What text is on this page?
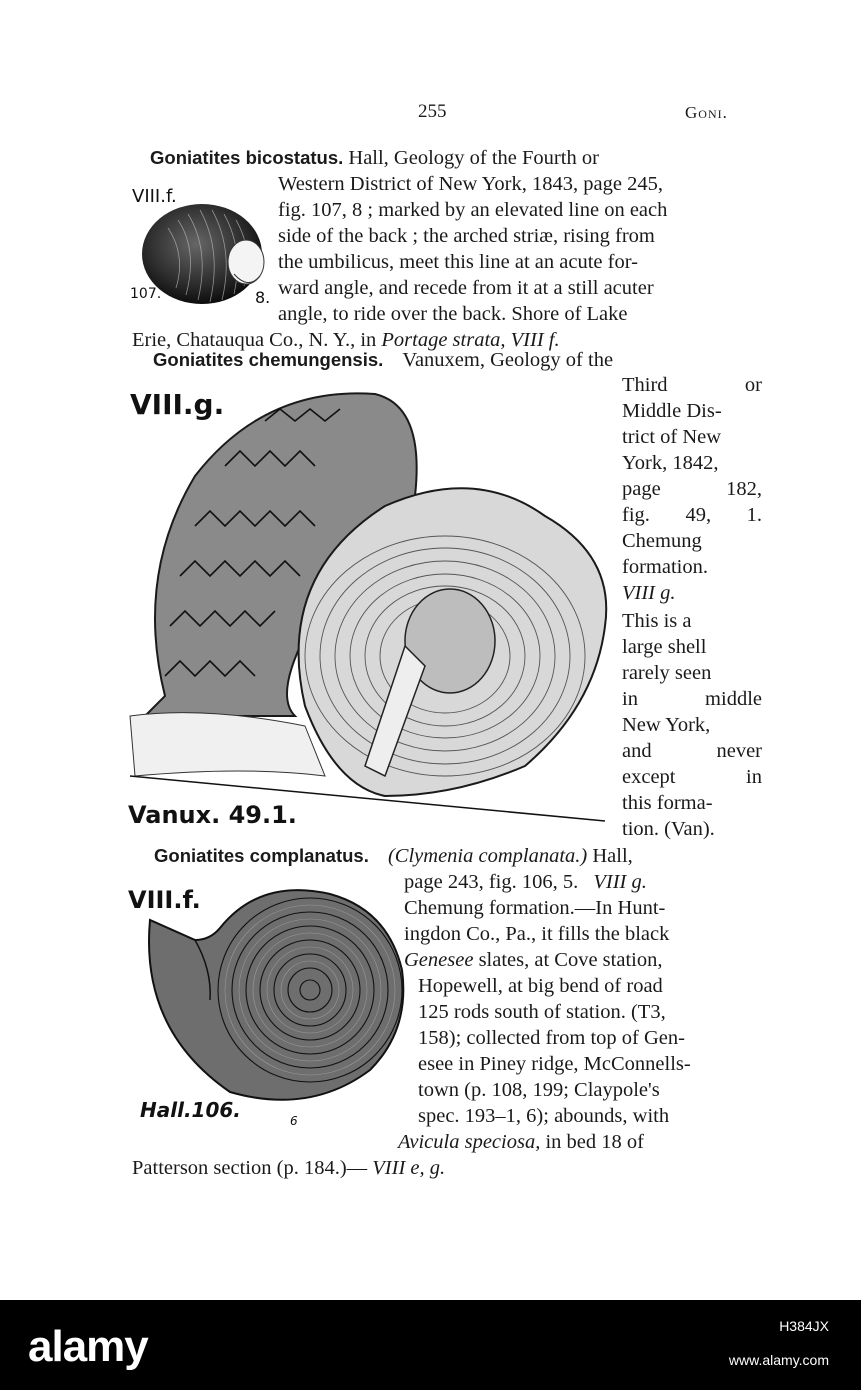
255	Goni.
Goniatites bicostatus. Hall, Geology of the Fourth or
Western District of New York, 1843, page 245,
fig. 107, 8 ; marked by an elevated line on each
side of the back ; the arched striæ, rising from
the umbilicus, meet this line at an acute for-
ward angle, and recede from it at a still acuter
angle, to ride over the back. Shore of Lake
Erie, Chatauqua Co., N. Y., in Portage strata, VIII f.
VIII.f.
107.	8.
Goniatites chemungensis. Vanuxem, Geology of the
Third or
Middle Dis-
trict of New
York, 1842,
page 182,
fig. 49, 1.
Chemung
formation.
VIII g.
This is a
large shell
rarely seen
in middle
New York,
and never
except in
this forma-
tion. (Van).
VIII.g.
Vanux. 49.1.
Goniatites complanatus. (Clymenia complanata.) Hall,
page 243, fig. 106, 5. VIII g.
Chemung formation.—In Hunt-
ingdon Co., Pa., it fills the black
Genesee slates, at Cove station,
Hopewell, at big bend of road
125 rods south of station. (T3,
158); collected from top of Gen-
esee in Piney ridge, McConnells-
town (p. 108, 199; Claypole's
spec. 193–1, 6); abounds, with
Avicula speciosa, in bed 18 of
Patterson section (p. 184.)— VIII e, g.
VIII.f.
Hall.106.	6
alamy	H384JX
www.alamy.com
